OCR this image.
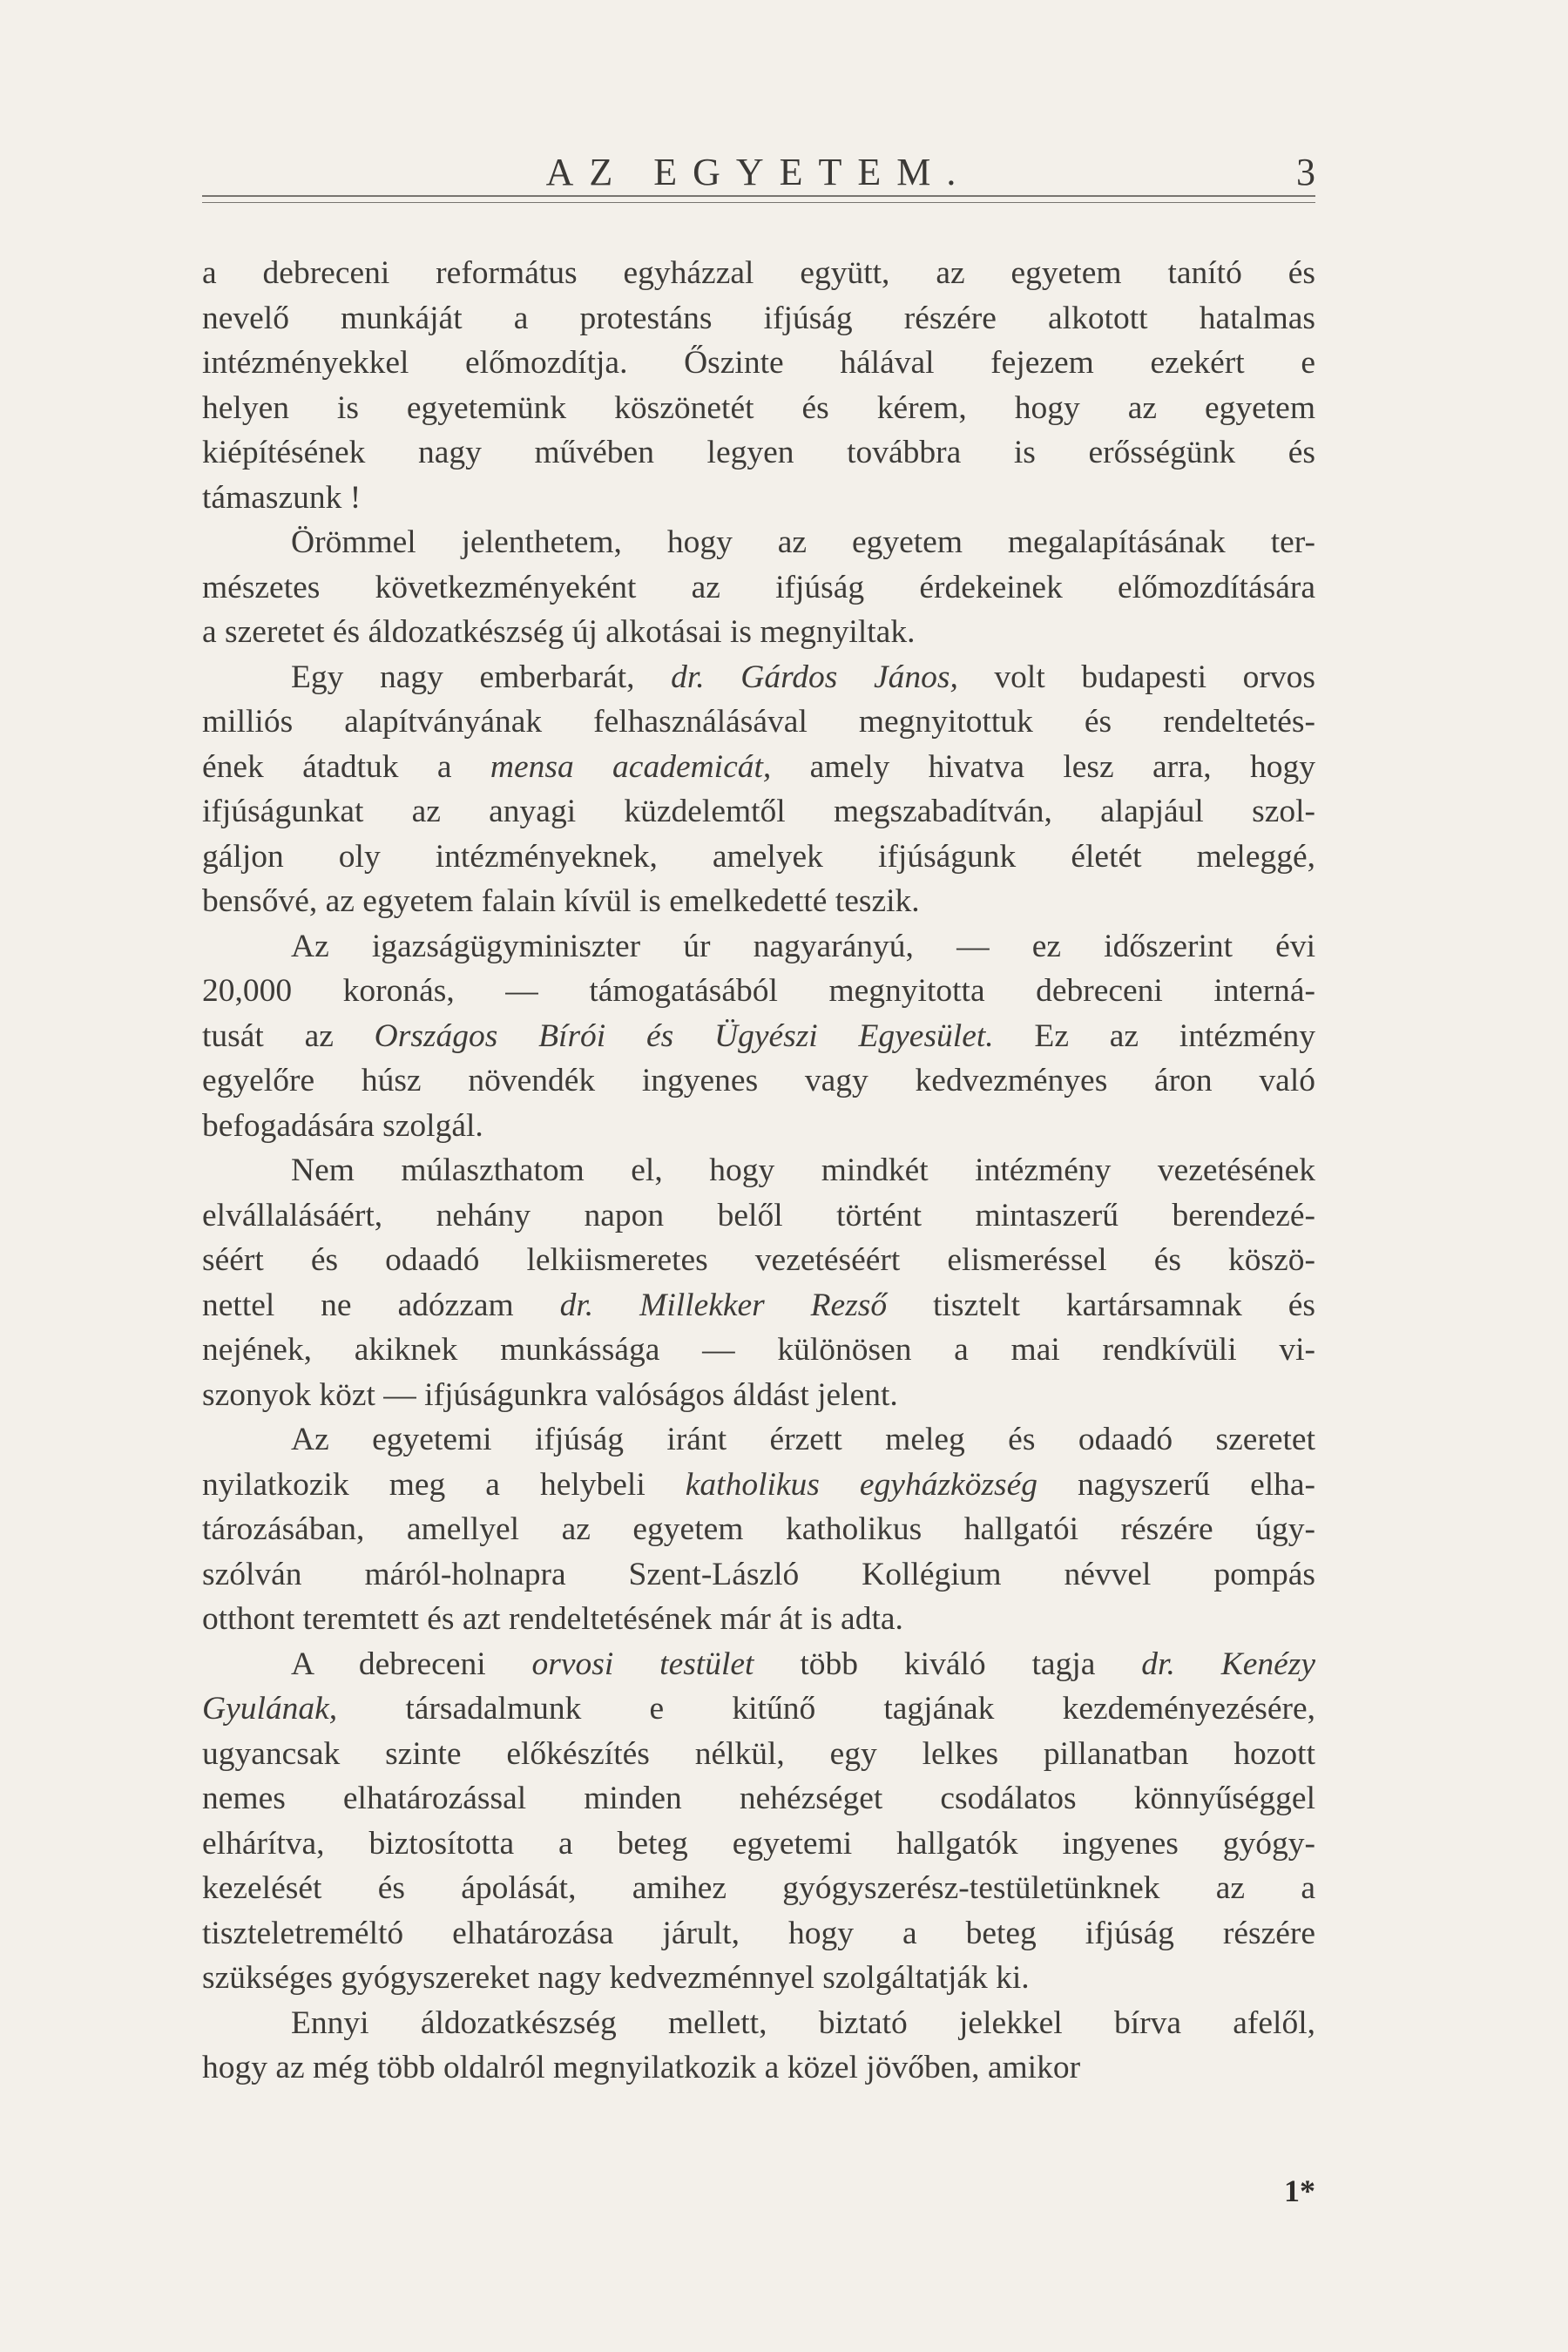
AZ EGYETEM.	3

a debreceni református egyházzal együtt, az egyetem tanító és

nevelő munkáját a protestáns ifjúság részére alkotott hatalmas

intézményekkel előmozdítja. Őszinte hálával fejezem ezekért e

helyen is egyetemünk köszönetét és kérem, hogy az egyetem

kiépítésének nagy művében legyen továbbra is erősségünk és

támaszunk !

Örömmel jelenthetem, hogy az egyetem megalapításának ter-

mészetes következményeként az ifjúság érdekeinek előmozdítására

a szeretet és áldozatkészség új alkotásai is megnyiltak.

Egy nagy emberbarát, dr. Gárdos János, volt budapesti orvos

milliós alapítványának felhasználásával megnyitottuk és rendeltetés-

ének átadtuk a mensa academicát, amely hivatva lesz arra, hogy

ifjúságunkat az anyagi küzdelemtől megszabadítván, alapjául szol-

gáljon oly intézményeknek, amelyek ifjúságunk életét meleggé,

bensővé, az egyetem falain kívül is emelkedetté teszik.

Az igazságügyminiszter úr nagyarányú, — ez időszerint évi

20,000 koronás, — támogatásából megnyitotta debreceni interná-

tusát az Országos Bírói és Ügyészi Egyesület. Ez az intézmény

egyelőre húsz növendék ingyenes vagy kedvezményes áron való

befogadására szolgál.

Nem múlaszthatom el, hogy mindkét intézmény vezetésének

elvállalásáért, nehány napon belől történt mintaszerű berendezé-

séért és odaadó lelkiismeretes vezetéséért elismeréssel és köszö-

nettel ne adózzam dr. Millekker Rezső tisztelt kartársamnak és

nejének, akiknek munkássága — különösen a mai rendkívüli vi-

szonyok közt — ifjúságunkra valóságos áldást jelent.

Az egyetemi ifjúság iránt érzett meleg és odaadó szeretet

nyilatkozik meg a helybeli katholikus egyházközség nagyszerű elha-

tározásában, amellyel az egyetem katholikus hallgatói részére úgy-

szólván máról-holnapra Szent-László Kollégium névvel pompás

otthont teremtett és azt rendeltetésének már át is adta.

A debreceni orvosi testület több kiváló tagja dr. Kenézy

Gyulának, társadalmunk e kitűnő tagjának kezdeményezésére,

ugyancsak szinte előkészítés nélkül, egy lelkes pillanatban hozott

nemes elhatározással minden nehézséget csodálatos könnyűséggel

elhárítva, biztosította a beteg egyetemi hallgatók ingyenes gyógy-

kezelését és ápolását, amihez gyógyszerész-testületünknek az a

tiszteletreméltó elhatározása járult, hogy a beteg ifjúság részére

szükséges gyógyszereket nagy kedvezménnyel szolgáltatják ki.

Ennyi áldozatkészség mellett, biztató jelekkel bírva afelől,

hogy az még több oldalról megnyilatkozik a közel jövőben, amikor

1*
